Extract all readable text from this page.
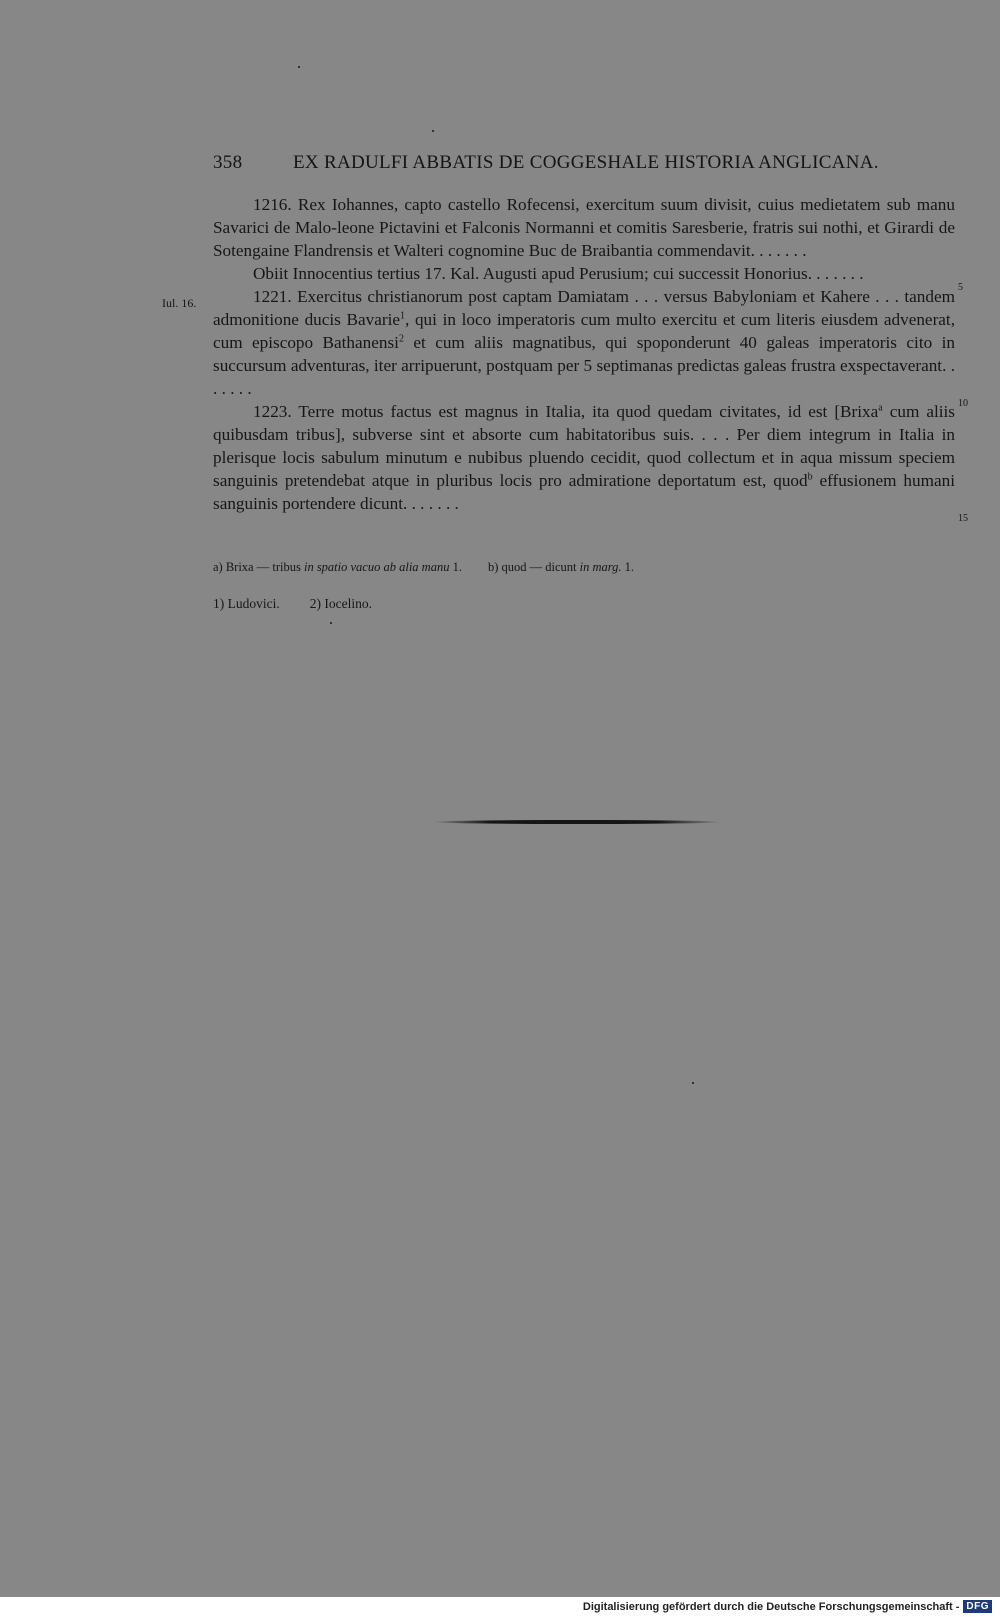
358	EX RADULFI ABBATIS DE COGGESHALE HISTORIA ANGLICANA.
Iul. 16.
5
10
15

1216. Rex Iohannes, capto castello Rofecensi, exercitum suum divisit, cuius medietatem sub manu Savarici de Malo-leone Pictavini et Falconis Normanni et comitis Saresberie, fratris sui nothi, et Girardi de Sotengaine Flandrensis et Walteri cognomine Buc de Braibantia commendavit. . . . . . .

Obiit Innocentius tertius 17. Kal. Augusti apud Perusium; cui successit Honorius. . . . . . .

1221. Exercitus christianorum post captam Damiatam . . . versus Babyloniam et Kahere . . . tandem admonitione ducis Bavarie$^1$, qui in loco imperatoris cum multo exercitu et cum literis eiusdem advenerat, cum episcopo Bathanensi$^2$ et cum aliis magnatibus, qui spoponderunt 40 galeas imperatoris cito in succursum adventuras, iter arripuerunt, postquam per 5 septimanas predictas galeas frustra exspectaverant. . . . . . .

1223. Terre motus factus est magnus in Italia, ita quod quedam civitates, id est [Brixa$^a$ cum aliis quibusdam tribus], subverse sint et absorte cum habitatoribus suis. . . . Per diem integrum in Italia in plerisque locis sabulum minutum e nubibus pluendo cecidit, quod collectum et in aqua missum speciem sanguinis pretendebat atque in pluribus locis pro admiratione deportatum est, quod$^b$ effusionem humani sanguinis portendere dicunt. . . . . . .

a) Brixa — tribus in spatio vacuo ab alia manu 1. b) quod — dicunt in marg. 1.
1) Ludovici. 2) Iocelino.
Digitalisierung gefördert durch die Deutsche Forschungsgemeinschaft - DFG
